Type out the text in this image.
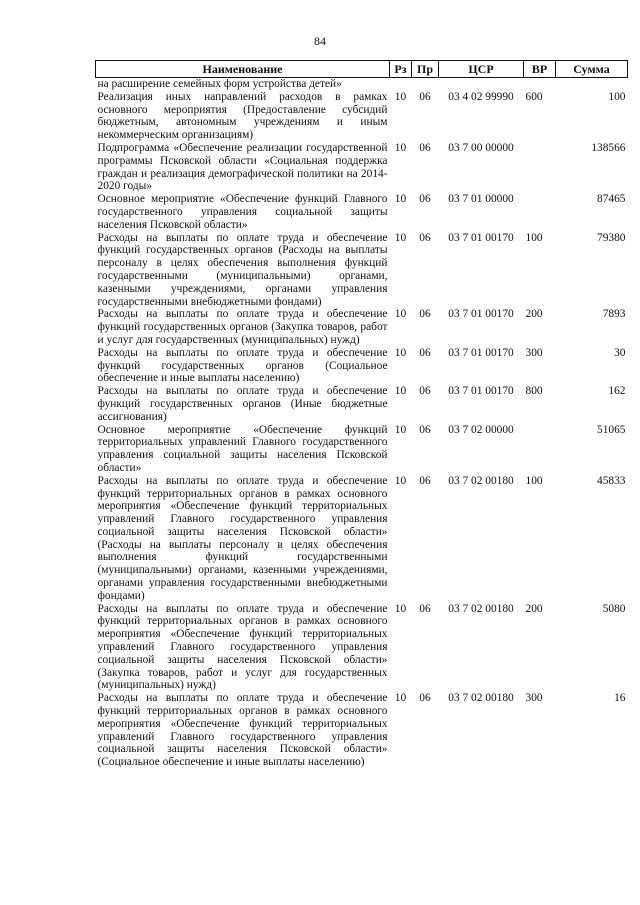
84
Наименование	Рз	Пр	ЦСР	ВР	Сумма
на расширение семейных форм устройства детей»					
Реализация иных направлений расходов в рамках основного мероприятия (Предоставление субсидий бюджетным, автономным учреждениям и иным некоммерческим организациям)	10	06	03 4 02 99990	600	100
Подпрограмма «Обеспечение реализации государственной программы Псковской области «Социальная поддержка граждан и реализация демографической политики на 2014-2020 годы»	10	06	03 7 00 00000		138566
Основное мероприятие «Обеспечение функций Главного государственного управления социальной защиты населения Псковской области»	10	06	03 7 01 00000		87465
Расходы на выплаты по оплате труда и обеспечение функций государственных органов (Расходы на выплаты персоналу в целях обеспечения выполнения функций государственными (муниципальными) органами, казенными учреждениями, органами управления государственными внебюджетными фондами)	10	06	03 7 01 00170	100	79380
Расходы на выплаты по оплате труда и обеспечение функций государственных органов (Закупка товаров, работ и услуг для государственных (муниципальных) нужд)	10	06	03 7 01 00170	200	7893
Расходы на выплаты по оплате труда и обеспечение функций государственных органов (Социальное обеспечение и иные выплаты населению)	10	06	03 7 01 00170	300	30
Расходы на выплаты по оплате труда и обеспечение функций государственных органов (Иные бюджетные ассигнования)	10	06	03 7 01 00170	800	162
Основное мероприятие «Обеспечение функций территориальных управлений Главного государственного управления социальной защиты населения Псковской области»	10	06	03 7 02 00000		51065
Расходы на выплаты по оплате труда и обеспечение функций территориальных органов в рамках основного мероприятия «Обеспечение функций территориальных управлений Главного государственного управления социальной защиты населения Псковской области» (Расходы на выплаты персоналу в целях обеспечения выполнения функций государственными (муниципальными) органами, казенными учреждениями, органами управления государственными внебюджетными фондами)	10	06	03 7 02 00180	100	45833
Расходы на выплаты по оплате труда и обеспечение функций территориальных органов в рамках основного мероприятия «Обеспечение функций территориальных управлений Главного государственного управления социальной защиты населения Псковской области» (Закупка товаров, работ и услуг для государственных (муниципальных) нужд)	10	06	03 7 02 00180	200	5080
Расходы на выплаты по оплате труда и обеспечение функций территориальных органов в рамках основного мероприятия «Обеспечение функций территориальных управлений Главного государственного управления социальной защиты населения Псковской области» (Социальное обеспечение и иные выплаты населению)	10	06	03 7 02 00180	300	16
